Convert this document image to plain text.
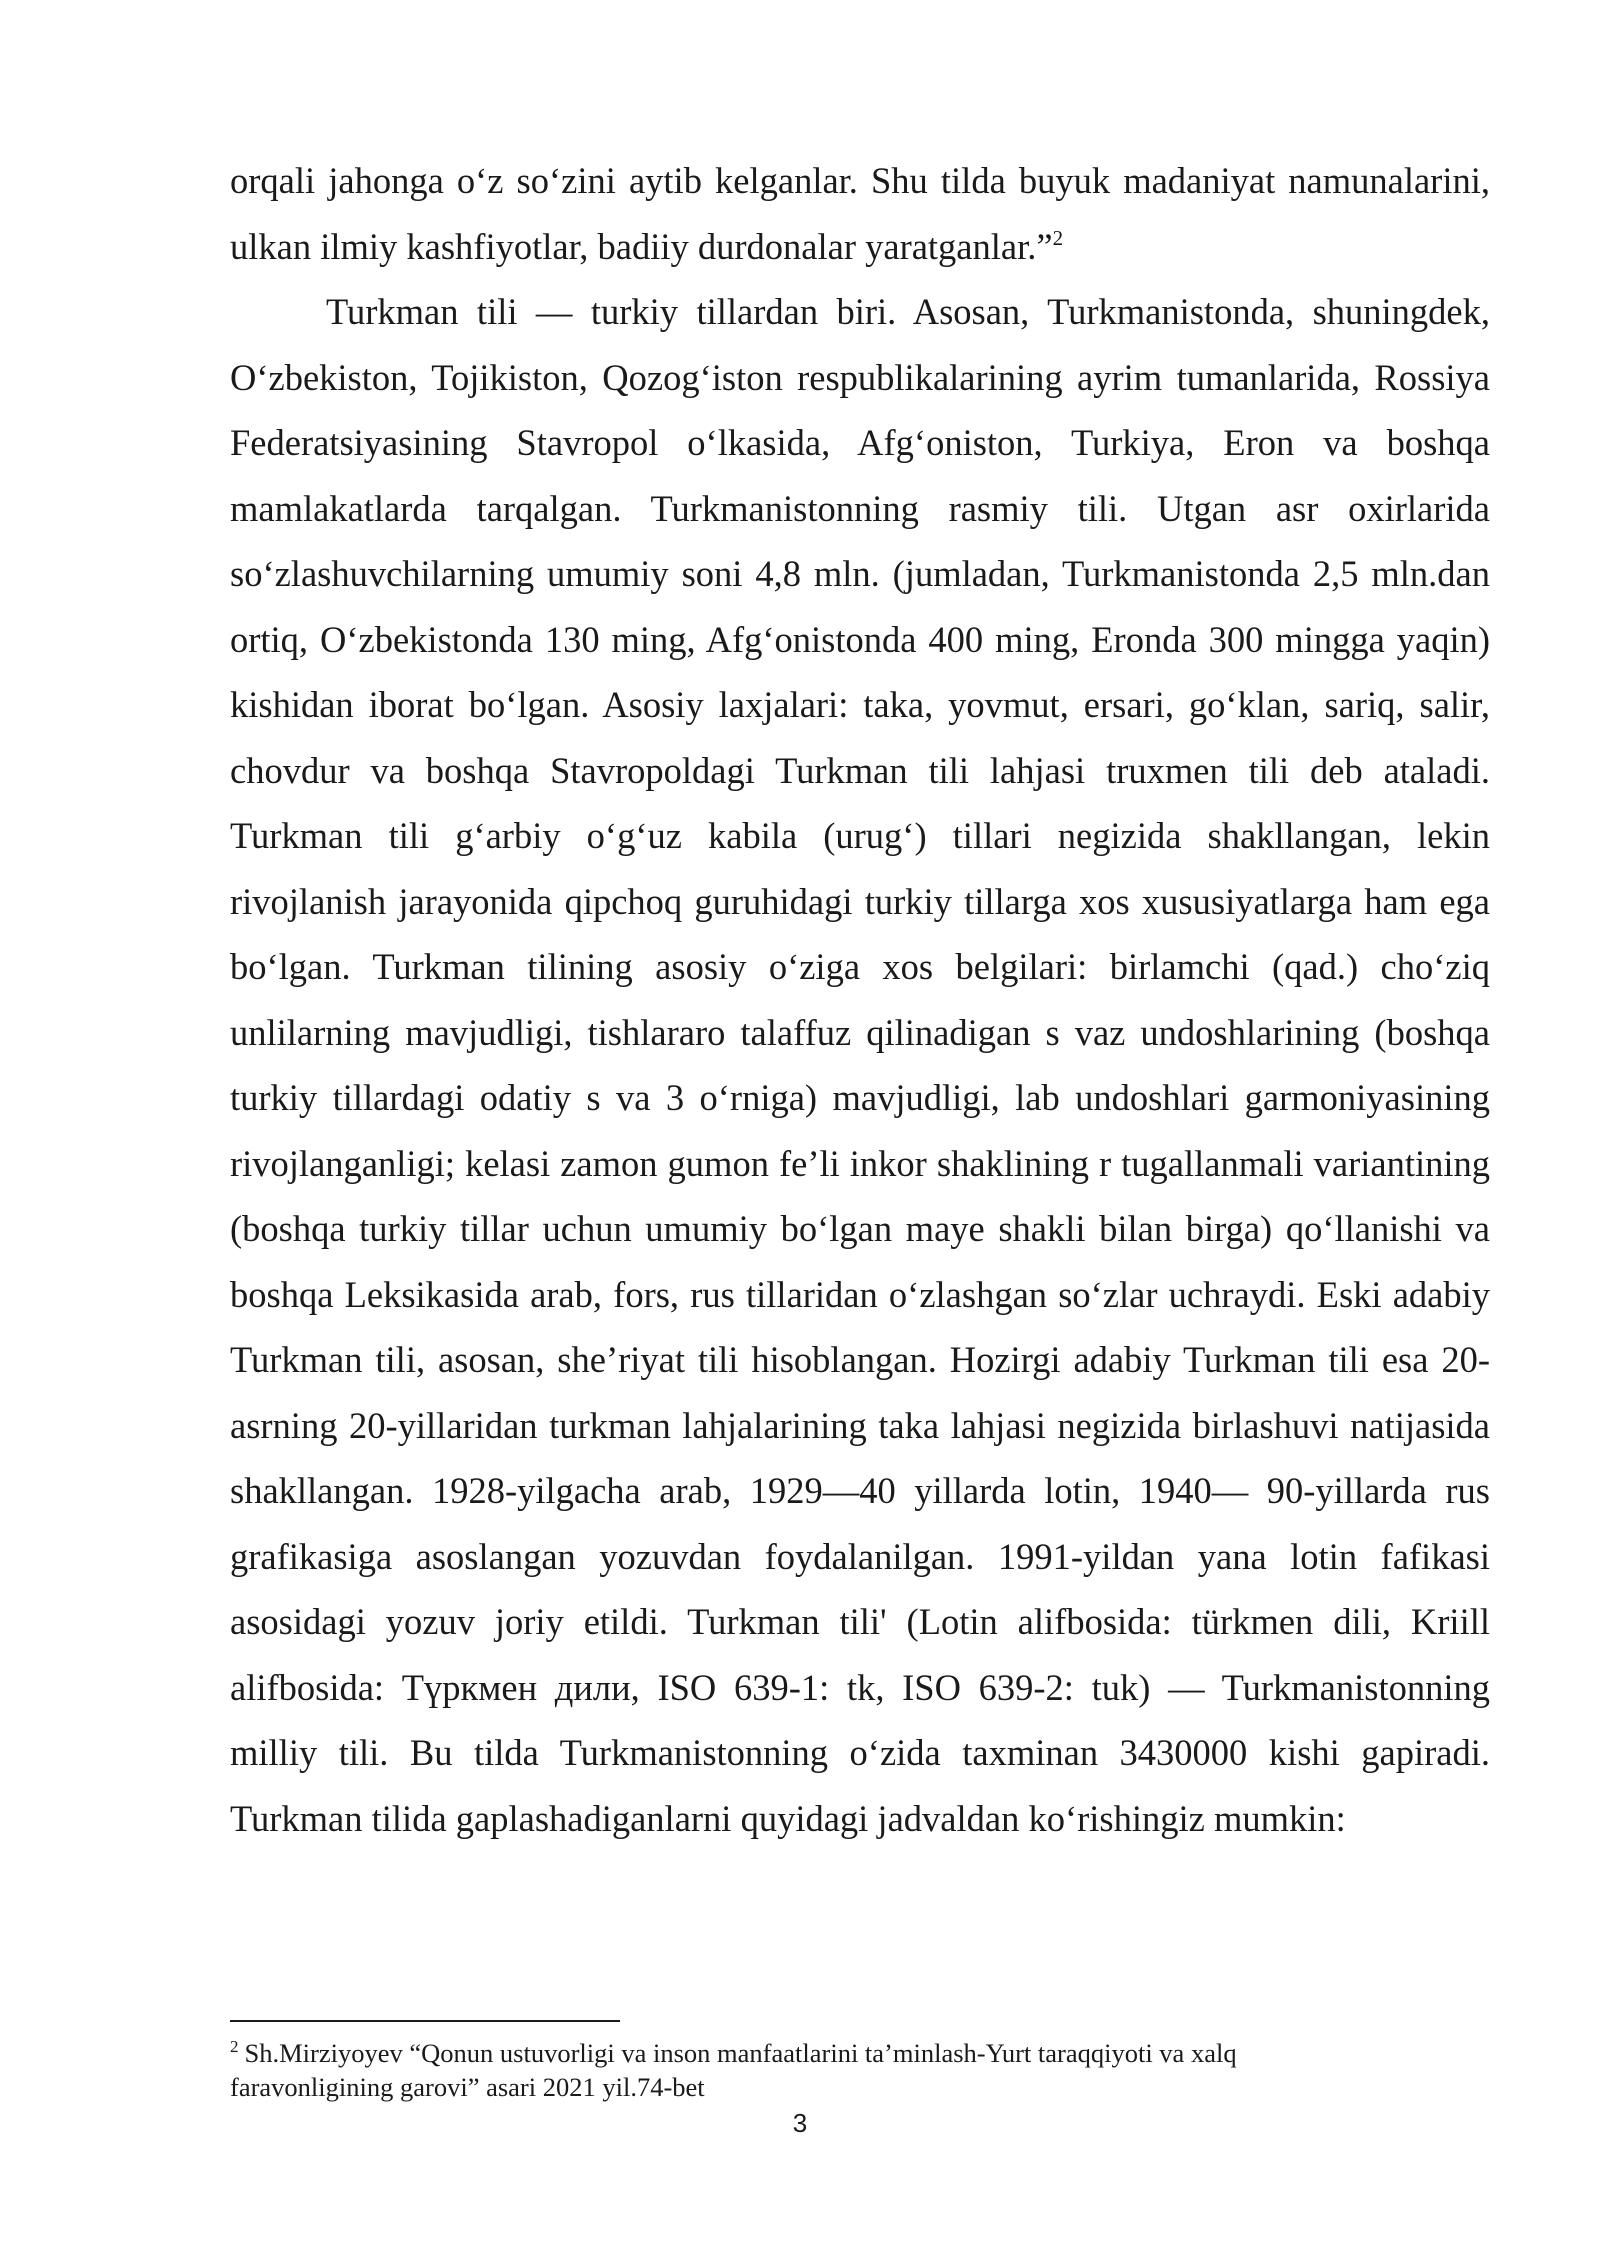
orqali jahonga oʻz soʻzini aytib kelganlar. Shu tilda buyuk madaniyat namunalarini, ulkan ilmiy kashfiyotlar, badiiy durdonalar yaratganlar.”$^2$

Turkman tili — turkiy tillardan biri. Asosan, Turkmanistonda, shuningdek, Oʻzbekiston, Tojikiston, Qozogʻiston respublikalarining ayrim tumanlarida, Rossiya Federatsiyasining Stavropol oʻlkasida, Afgʻoniston, Turkiya, Eron va boshqa mamlakatlarda tarqalgan. Turkmanistonning rasmiy tili. Utgan asr oxirlarida soʻzlashuvchilarning umumiy soni 4,8 mln. (jumladan, Turkmanistonda 2,5 mln.dan ortiq, Oʻzbekistonda 130 ming, Afgʻonistonda 400 ming, Eronda 300 mingga yaqin) kishidan iborat boʻlgan. Asosiy laxjalari: taka, yovmut, ersari, goʻklan, sariq, salir, chovdur va boshqa Stavropoldagi Turkman tili lahjasi truxmen tili deb ataladi. Turkman tili gʻarbiy oʻgʻuz kabila (urugʻ) tillari negizida shakllangan, lekin rivojlanish jarayonida qipchoq guruhidagi turkiy tillarga xos xususiyatlarga ham ega boʻlgan. Turkman tilining asosiy oʻziga xos belgilari: birlamchi (qad.) choʻziq unlilarning mavjudligi, tishlararo talaffuz qilinadigan s vaz undoshlarining (boshqa turkiy tillardagi odatiy s va 3 oʻrniga) mavjudligi, lab undoshlari garmoniyasining rivojlanganligi; kelasi zamon gumon fe’li inkor shaklining r tugallanmali variantining (boshqa turkiy tillar uchun umumiy boʻlgan maye shakli bilan birga) qoʻllanishi va boshqa Leksikasida arab, fors, rus tillaridan oʻzlashgan soʻzlar uchraydi. Eski adabiy Turkman tili, asosan, she’riyat tili hisoblangan. Hozirgi adabiy Turkman tili esa 20-asrning 20-yillaridan turkman lahjalarining taka lahjasi negizida birlashuvi natijasida shakllangan. 1928-yilgacha arab, 1929—40 yillarda lotin, 1940— 90-yillarda rus grafikasiga asoslangan yozuvdan foydalanilgan. 1991-yildan yana lotin fafikasi asosidagi yozuv joriy etildi. Turkman tili' (Lotin alifbosida: türkmen dili, Kriill alifbosida: Түркмен дили, ISO 639-1: tk, ISO 639-2: tuk) — Turkmanistonning milliy tili. Bu tilda Turkmanistonning oʻzida taxminan 3430000 kishi gapiradi. Turkman tilida gaplashadiganlarni quyidagi jadvaldan koʻrishingiz mumkin:

$^2$ Sh.Mirziyoyev “Qonun ustuvorligi va inson manfaatlarini ta’minlash-Yurt taraqqiyoti va xalq faravonligining garovi” asari 2021 yil.74-bet
3
